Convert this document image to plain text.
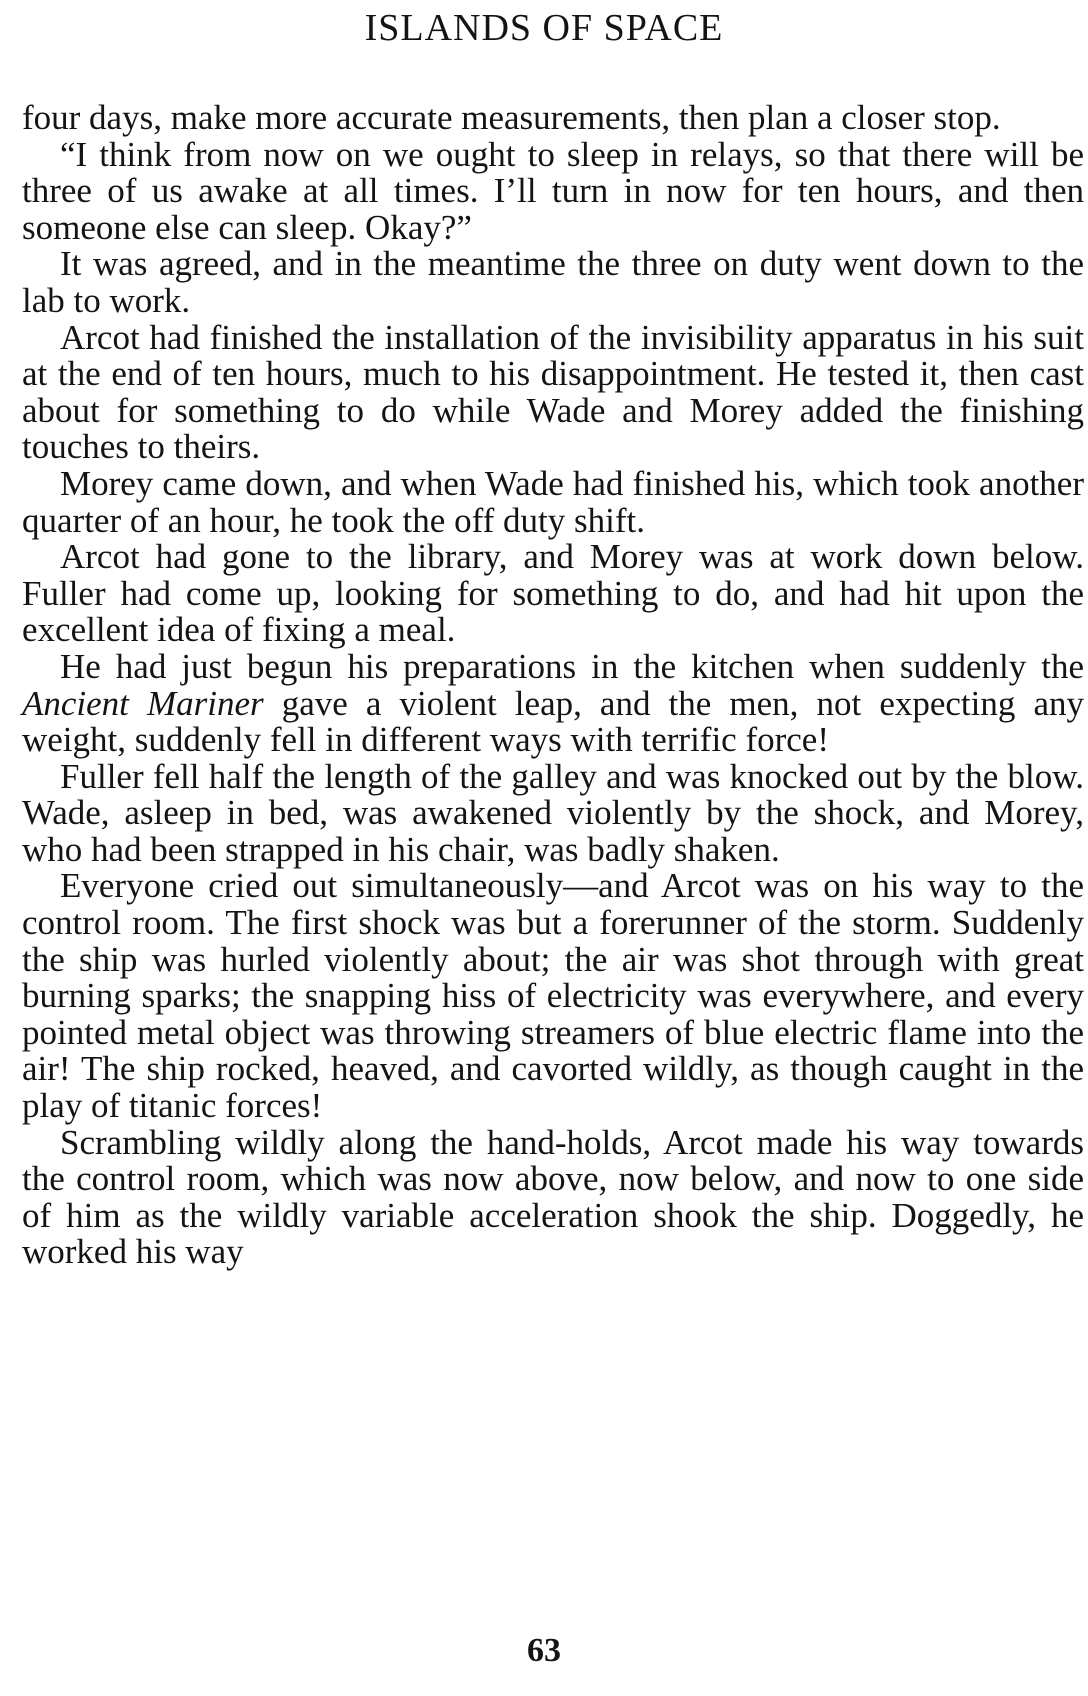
ISLANDS OF SPACE

four days, make more accurate measurements, then plan a closer stop.

“I think from now on we ought to sleep in relays, so that there will be three of us awake at all times. I’ll turn in now for ten hours, and then someone else can sleep. Okay?”

It was agreed, and in the meantime the three on duty went down to the lab to work.

Arcot had finished the installation of the invisibility apparatus in his suit at the end of ten hours, much to his disappointment. He tested it, then cast about for something to do while Wade and Morey added the finishing touches to theirs.

Morey came down, and when Wade had finished his, which took another quarter of an hour, he took the off duty shift.

Arcot had gone to the library, and Morey was at work down below. Fuller had come up, looking for something to do, and had hit upon the excellent idea of fixing a meal.

He had just begun his preparations in the kitchen when suddenly the Ancient Mariner gave a violent leap, and the men, not expecting any weight, suddenly fell in different ways with terrific force!

Fuller fell half the length of the galley and was knocked out by the blow. Wade, asleep in bed, was awakened violently by the shock, and Morey, who had been strapped in his chair, was badly shaken.

Everyone cried out simultaneously—and Arcot was on his way to the control room. The first shock was but a forerunner of the storm. Suddenly the ship was hurled violently about; the air was shot through with great burning sparks; the snapping hiss of electricity was everywhere, and every pointed metal object was throwing streamers of blue electric flame into the air! The ship rocked, heaved, and cavorted wildly, as though caught in the play of titanic forces!

Scrambling wildly along the hand-holds, Arcot made his way towards the control room, which was now above, now below, and now to one side of him as the wildly variable acceleration shook the ship. Doggedly, he worked his way

63
